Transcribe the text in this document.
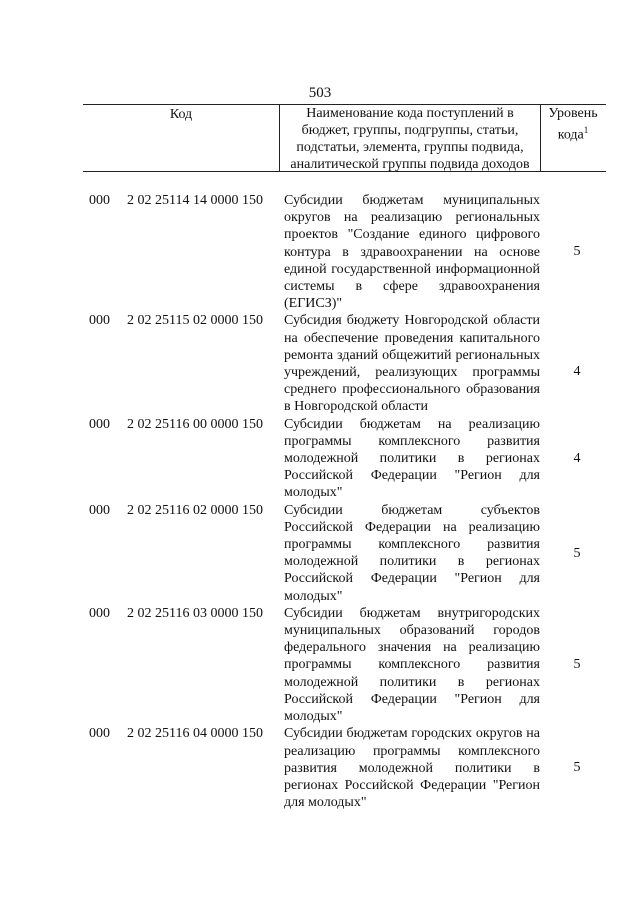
503
Код	Наименование кода поступлений в
бюджет, группы, подгруппы, статьи,
подстатьи, элемента, группы подвида,
аналитической группы подвида доходов
Уровень
кода$^1$
000 2 02 25114 14 0000 150 Субсидии бюджетам муниципальных округов на реализацию региональных проектов "Создание единого цифрового контура в здравоохранении на основе единой государственной информационной системы в сфере здравоохранения (ЕГИСЗ)"
5
000 2 02 25115 02 0000 150 Субсидия бюджету Новгородской области на обеспечение проведения капитального ремонта зданий общежитий региональных учреждений, реализующих программы среднего профессионального образования в Новгородской области
4
000 2 02 25116 00 0000 150 Субсидии бюджетам на реализацию программы комплексного развития молодежной политики в регионах Российской Федерации "Регион для молодых"
4
000 2 02 25116 02 0000 150 Субсидии бюджетам субъектов Российской Федерации на реализацию программы комплексного развития молодежной политики в регионах Российской Федерации "Регион для молодых"
5
000 2 02 25116 03 0000 150 Субсидии бюджетам внутригородских муниципальных образований городов федерального значения на реализацию программы комплексного развития молодежной политики в регионах Российской Федерации "Регион для молодых"
5
000 2 02 25116 04 0000 150 Субсидии бюджетам городских округов на реализацию программы комплексного развития молодежной политики в регионах Российской Федерации "Регион для молодых"
5
